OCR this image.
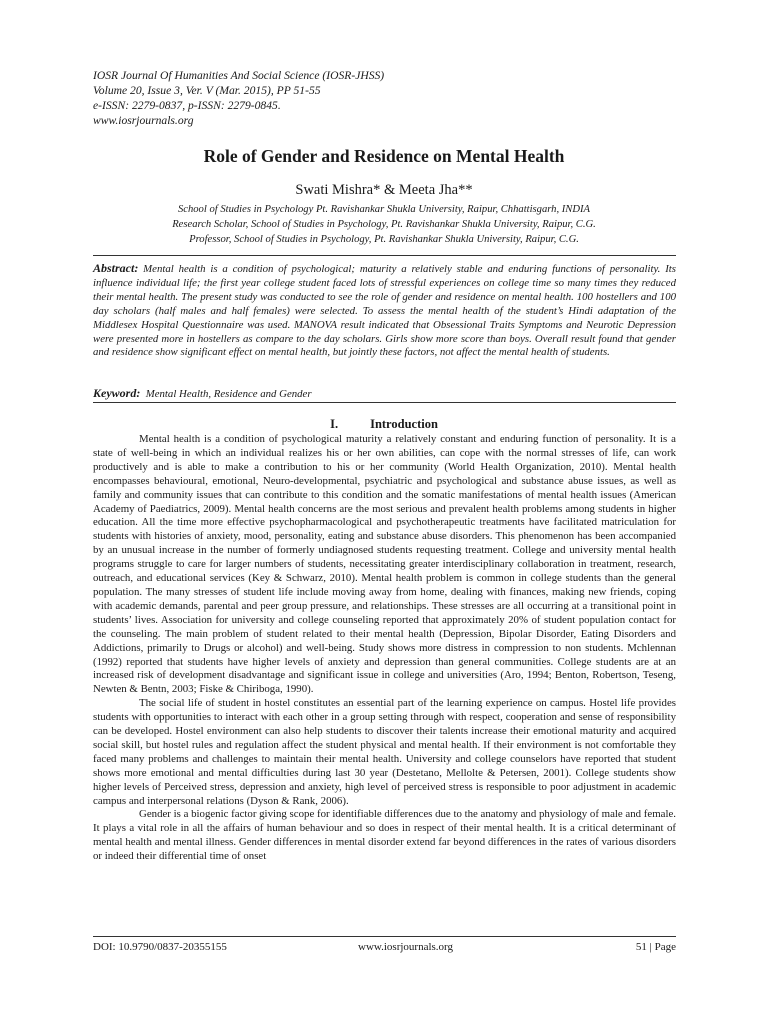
IOSR Journal Of Humanities And Social Science (IOSR-JHSS)
Volume 20, Issue 3, Ver. V (Mar. 2015), PP 51-55
e-ISSN: 2279-0837, p-ISSN: 2279-0845.
www.iosrjournals.org
Role of Gender and Residence on Mental Health
Swati Mishra* & Meeta Jha**
School of Studies in Psychology Pt. Ravishankar Shukla University, Raipur, Chhattisgarh, INDIA
Research Scholar, School of Studies in Psychology, Pt. Ravishankar Shukla University, Raipur, C.G.
Professor, School of Studies in Psychology, Pt. Ravishankar Shukla University, Raipur, C.G.
Abstract: Mental health is a condition of psychological; maturity a relatively stable and enduring functions of personality. Its influence individual life; the first year college student faced lots of stressful experiences on college time so many times they reduced their mental health. The present study was conducted to see the role of gender and residence on mental health. 100 hostellers and 100 day scholars (half males and half females) were selected. To assess the mental health of the student’s Hindi adaptation of the Middlesex Hospital Questionnaire was used. MANOVA result indicated that Obsessional Traits Symptoms and Neurotic Depression were presented more in hostellers as compare to the day scholars. Girls show more score than boys. Overall result found that gender and residence show significant effect on mental health, but jointly these factors, not affect the mental health of students.
Keyword: Mental Health, Residence and Gender
I.	Introduction

Mental health is a condition of psychological maturity a relatively constant and enduring function of personality. It is a state of well-being in which an individual realizes his or her own abilities, can cope with the normal stresses of life, can work productively and is able to make a contribution to his or her community (World Health Organization, 2010). Mental health encompasses behavioural, emotional, Neuro-developmental, psychiatric and psychological and substance abuse issues, as well as family and community issues that can contribute to this condition and the somatic manifestations of mental health issues (American Academy of Paediatrics, 2009). Mental health concerns are the most serious and prevalent health problems among students in higher education. All the time more effective psychopharmacological and psychotherapeutic treatments have facilitated matriculation for students with histories of anxiety, mood, personality, eating and substance abuse disorders. This phenomenon has been accompanied by an unusual increase in the number of formerly undiagnosed students requesting treatment. College and university mental health programs struggle to care for larger numbers of students, necessitating greater interdisciplinary collaboration in treatment, research, outreach, and educational services (Key & Schwarz, 2010). Mental health problem is common in college students than the general population. The many stresses of student life include moving away from home, dealing with finances, making new friends, coping with academic demands, parental and peer group pressure, and relationships. These stresses are all occurring at a transitional point in students’ lives. Association for university and college counseling reported that approximately 20% of student population contact for the counseling. The main problem of student related to their mental health (Depression, Bipolar Disorder, Eating Disorders and Addictions, primarily to Drugs or alcohol) and well-being. Study shows more distress in compression to non students. Mchlennan (1992) reported that students have higher levels of anxiety and depression than general communities. College students are at an increased risk of development disadvantage and significant issue in college and universities (Aro, 1994; Benton, Robertson, Teseng, Newten & Bentn, 2003; Fiske & Chiriboga, 1990).

The social life of student in hostel constitutes an essential part of the learning experience on campus. Hostel life provides students with opportunities to interact with each other in a group setting through with respect, cooperation and sense of responsibility can be developed. Hostel environment can also help students to discover their talents increase their emotional maturity and acquired social skill, but hostel rules and regulation affect the student physical and mental health. If their environment is not comfortable they faced many problems and challenges to maintain their mental health. University and college counselors have reported that student shows more emotional and mental difficulties during last 30 year (Destetano, Mellolte & Petersen, 2001). College students show higher levels of Perceived stress, depression and anxiety, high level of perceived stress is responsible to poor adjustment in academic campus and interpersonal relations (Dyson & Rank, 2006).

Gender is a biogenic factor giving scope for identifiable differences due to the anatomy and physiology of male and female. It plays a vital role in all the affairs of human behaviour and so does in respect of their mental health. It is a critical determinant of mental health and mental illness. Gender differences in mental disorder extend far beyond differences in the rates of various disorders or indeed their differential time of onset

DOI: 10.9790/0837-20355155	www.iosrjournals.org	51 | Page
